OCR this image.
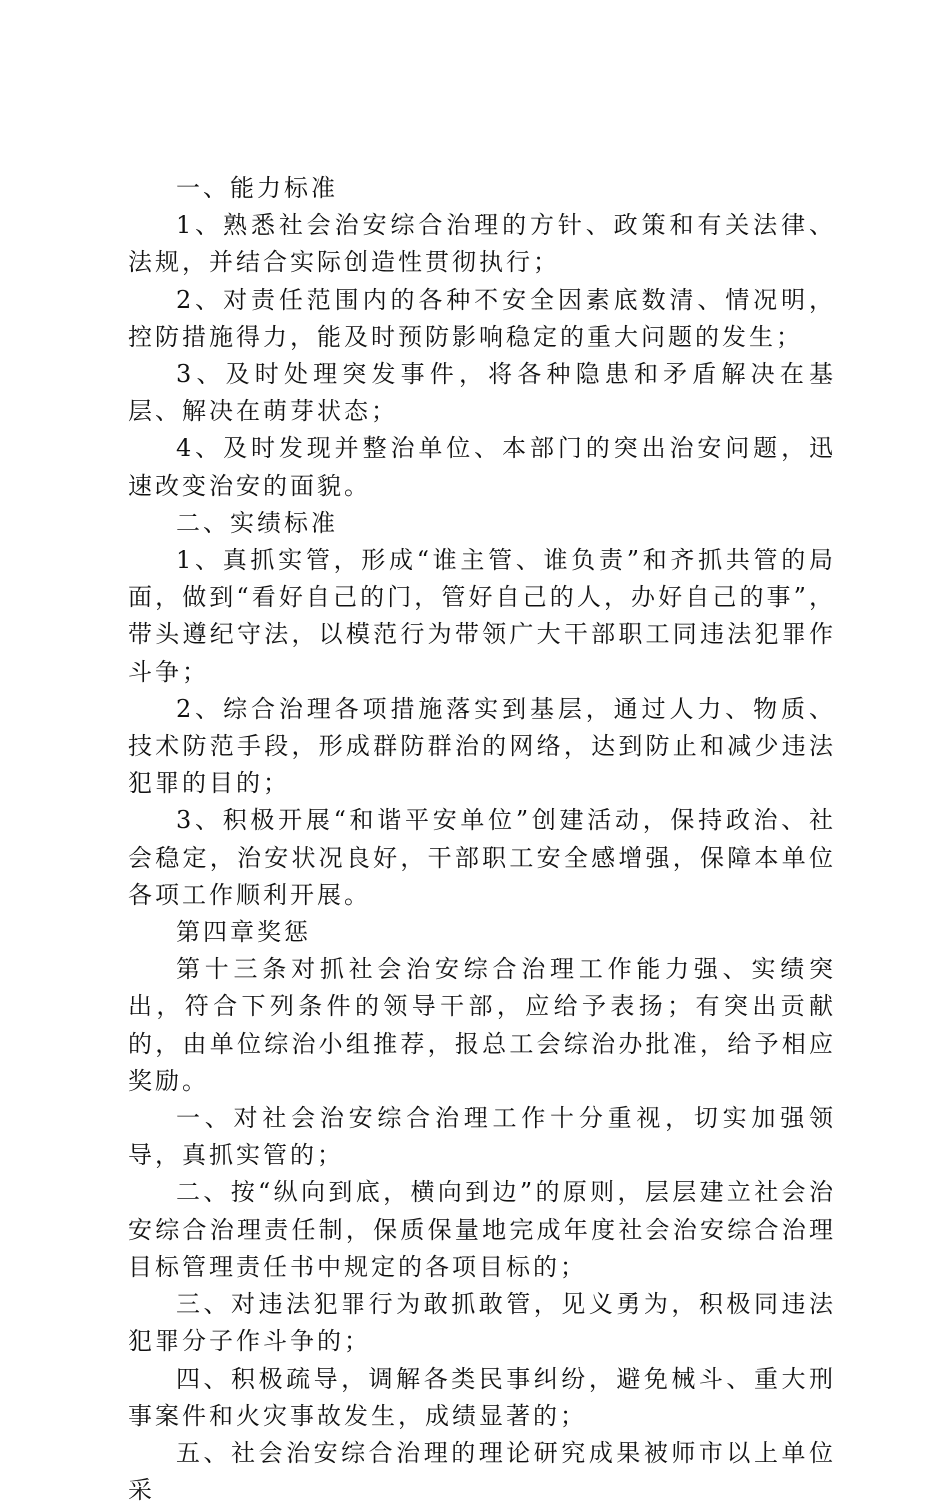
一、能力标准

1、熟悉社会治安综合治理的方针、政策和有关法律、法规，并结合实际创造性贯彻执行；

2、对责任范围内的各种不安全因素底数清、情况明，控防措施得力，能及时预防影响稳定的重大问题的发生；

3、及时处理突发事件，将各种隐患和矛盾解决在基层、解决在萌芽状态；

4、及时发现并整治单位、本部门的突出治安问题，迅速改变治安的面貌。

二、实绩标准

1、真抓实管，形成“谁主管、谁负责”和齐抓共管的局面，做到“看好自己的门，管好自己的人，办好自己的事”，带头遵纪守法，以模范行为带领广大干部职工同违法犯罪作斗争；

2、综合治理各项措施落实到基层，通过人力、物质、技术防范手段，形成群防群治的网络，达到防止和减少违法犯罪的目的；

3、积极开展“和谐平安单位”创建活动，保持政治、社会稳定，治安状况良好，干部职工安全感增强，保障本单位各项工作顺利开展。

第四章奖惩

第十三条对抓社会治安综合治理工作能力强、实绩突出，符合下列条件的领导干部，应给予表扬；有突出贡献的，由单位综治小组推荐，报总工会综治办批准，给予相应奖励。

一、对社会治安综合治理工作十分重视，切实加强领导，真抓实管的；

二、按“纵向到底，横向到边”的原则，层层建立社会治安综合治理责任制，保质保量地完成年度社会治安综合治理目标管理责任书中规定的各项目标的；

三、对违法犯罪行为敢抓敢管，见义勇为，积极同违法犯罪分子作斗争的；

四、积极疏导，调解各类民事纠纷，避免械斗、重大刑事案件和火灾事故发生，成绩显著的；

五、社会治安综合治理的理论研究成果被师市以上单位采
